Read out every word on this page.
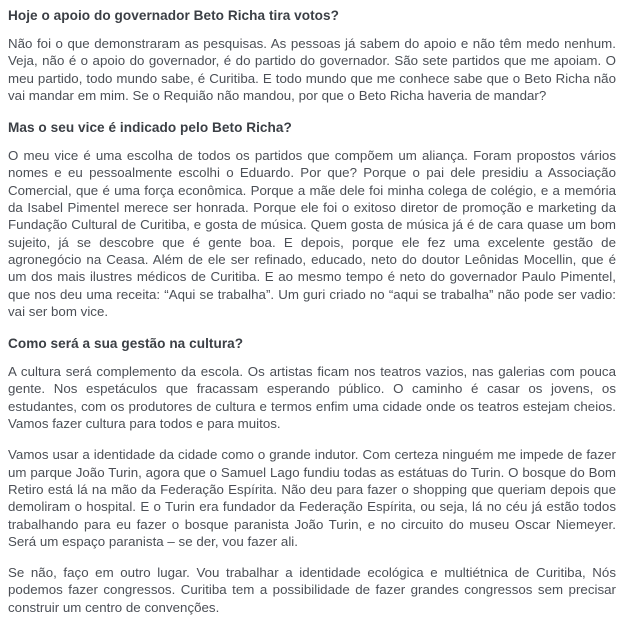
Hoje o apoio do governador Beto Richa tira votos?
Não foi o que demonstraram as pesquisas. As pessoas já sabem do apoio e não têm medo nenhum. Veja, não é o apoio do governador, é do partido do governador. São sete partidos que me apoiam. O meu partido, todo mundo sabe, é Curitiba. E todo mundo que me conhece sabe que o Beto Richa não vai mandar em mim. Se o Requião não mandou, por que o Beto Richa haveria de mandar?
Mas o seu vice é indicado pelo Beto Richa?
O meu vice é uma escolha de todos os partidos que compõem um aliança. Foram propostos vários nomes e eu pessoalmente escolhi o Eduardo. Por que? Porque o pai dele presidiu a Associação Comercial, que é uma força econômica. Porque a mãe dele foi minha colega de colégio, e a memória da Isabel Pimentel merece ser honrada. Porque ele foi o exitoso diretor de promoção e marketing da Fundação Cultural de Curitiba, e gosta de música. Quem gosta de música já é de cara quase um bom sujeito, já se descobre que é gente boa. E depois, porque ele fez uma excelente gestão de agronegócio na Ceasa. Além de ele ser refinado, educado, neto do doutor Leônidas Mocellin, que é um dos mais ilustres médicos de Curitiba. E ao mesmo tempo é neto do governador Paulo Pimentel, que nos deu uma receita: “Aqui se trabalha”. Um guri criado no “aqui se trabalha” não pode ser vadio: vai ser bom vice.
Como será a sua gestão na cultura?
A cultura será complemento da escola. Os artistas ficam nos teatros vazios, nas galerias com pouca gente. Nos espetáculos que fracassam esperando público. O caminho é casar os jovens, os estudantes, com os produtores de cultura e termos enfim uma cidade onde os teatros estejam cheios. Vamos fazer cultura para todos e para muitos.
Vamos usar a identidade da cidade como o grande indutor. Com certeza ninguém me impede de fazer um parque João Turin, agora que o Samuel Lago fundiu todas as estátuas do Turin. O bosque do Bom Retiro está lá na mão da Federação Espírita. Não deu para fazer o shopping que queriam depois que demoliram o hospital. E o Turin era fundador da Federação Espírita, ou seja, lá no céu já estão todos trabalhando para eu fazer o bosque paranista João Turin, e no circuito do museu Oscar Niemeyer. Será um espaço paranista – se der, vou fazer ali.
Se não, faço em outro lugar. Vou trabalhar a identidade ecológica e multiétnica de Curitiba, Nós podemos fazer congressos. Curitiba tem a possibilidade de fazer grandes congressos sem precisar construir um centro de convenções.
